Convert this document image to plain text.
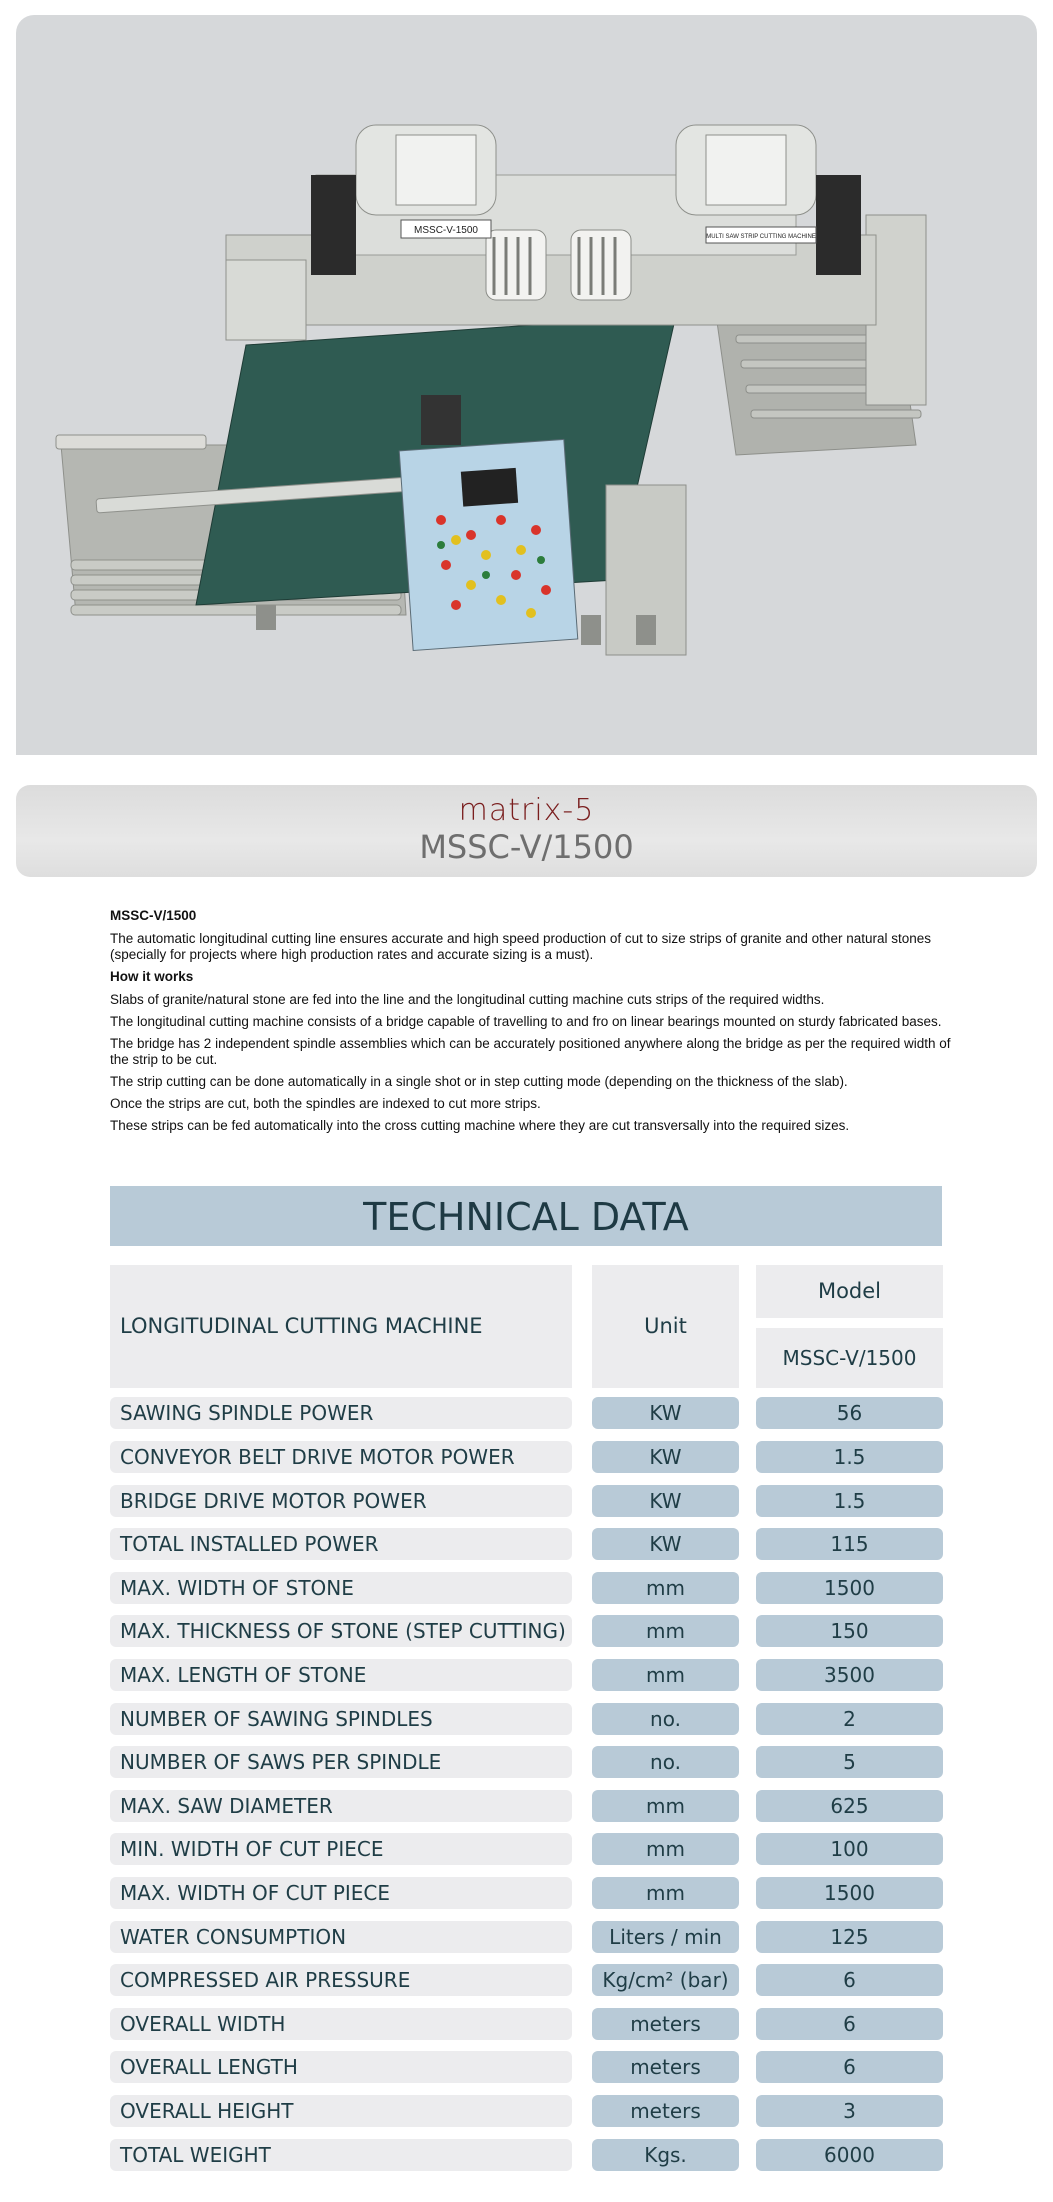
MSSC-V-1500
MULTI SAW STRIP CUTTING MACHINE
matrix-5
MSSC-V/1500

MSSC-V/1500

The automatic longitudinal cutting line ensures accurate and high speed production of cut to size strips of granite and other natural stones (specially for projects where high production rates and accurate sizing is a must).

How it works

Slabs of granite/natural stone are fed into the line and the longitudinal cutting machine cuts strips of the required widths.

The longitudinal cutting machine consists of a bridge capable of travelling to and fro on linear bearings mounted on sturdy fabricated bases.

The bridge has 2 independent spindle assemblies which can be accurately positioned anywhere along the bridge as per the required width of the strip to be cut.

The strip cutting can be done automatically in a single shot or in step cutting mode (depending on the thickness of the slab).

Once the strips are cut, both the spindles are indexed to cut more strips.

These strips can be fed automatically into the cross cutting machine where they are cut transversally into the required sizes.

TECHNICAL DATA
LONGITUDINAL CUTTING MACHINE	Unit
Model
MSSC-V/1500
SAWING SPINDLE POWER	KW	56
CONVEYOR BELT DRIVE MOTOR POWER	KW	1.5
BRIDGE DRIVE MOTOR POWER	KW	1.5
TOTAL INSTALLED POWER	KW	115
MAX. WIDTH OF STONE	mm	1500
MAX. THICKNESS OF STONE (STEP CUTTING)	mm	150
MAX. LENGTH OF STONE	mm	3500
NUMBER OF SAWING SPINDLES	no.	2
NUMBER OF SAWS PER SPINDLE	no.	5
MAX. SAW DIAMETER	mm	625
MIN. WIDTH OF CUT PIECE	mm	100
MAX. WIDTH OF CUT PIECE	mm	1500
WATER CONSUMPTION	Liters / min	125
COMPRESSED AIR PRESSURE	Kg/cm² (bar)	6
OVERALL WIDTH	meters	6
OVERALL LENGTH	meters	6
OVERALL HEIGHT	meters	3
TOTAL WEIGHT	Kgs.	6000
